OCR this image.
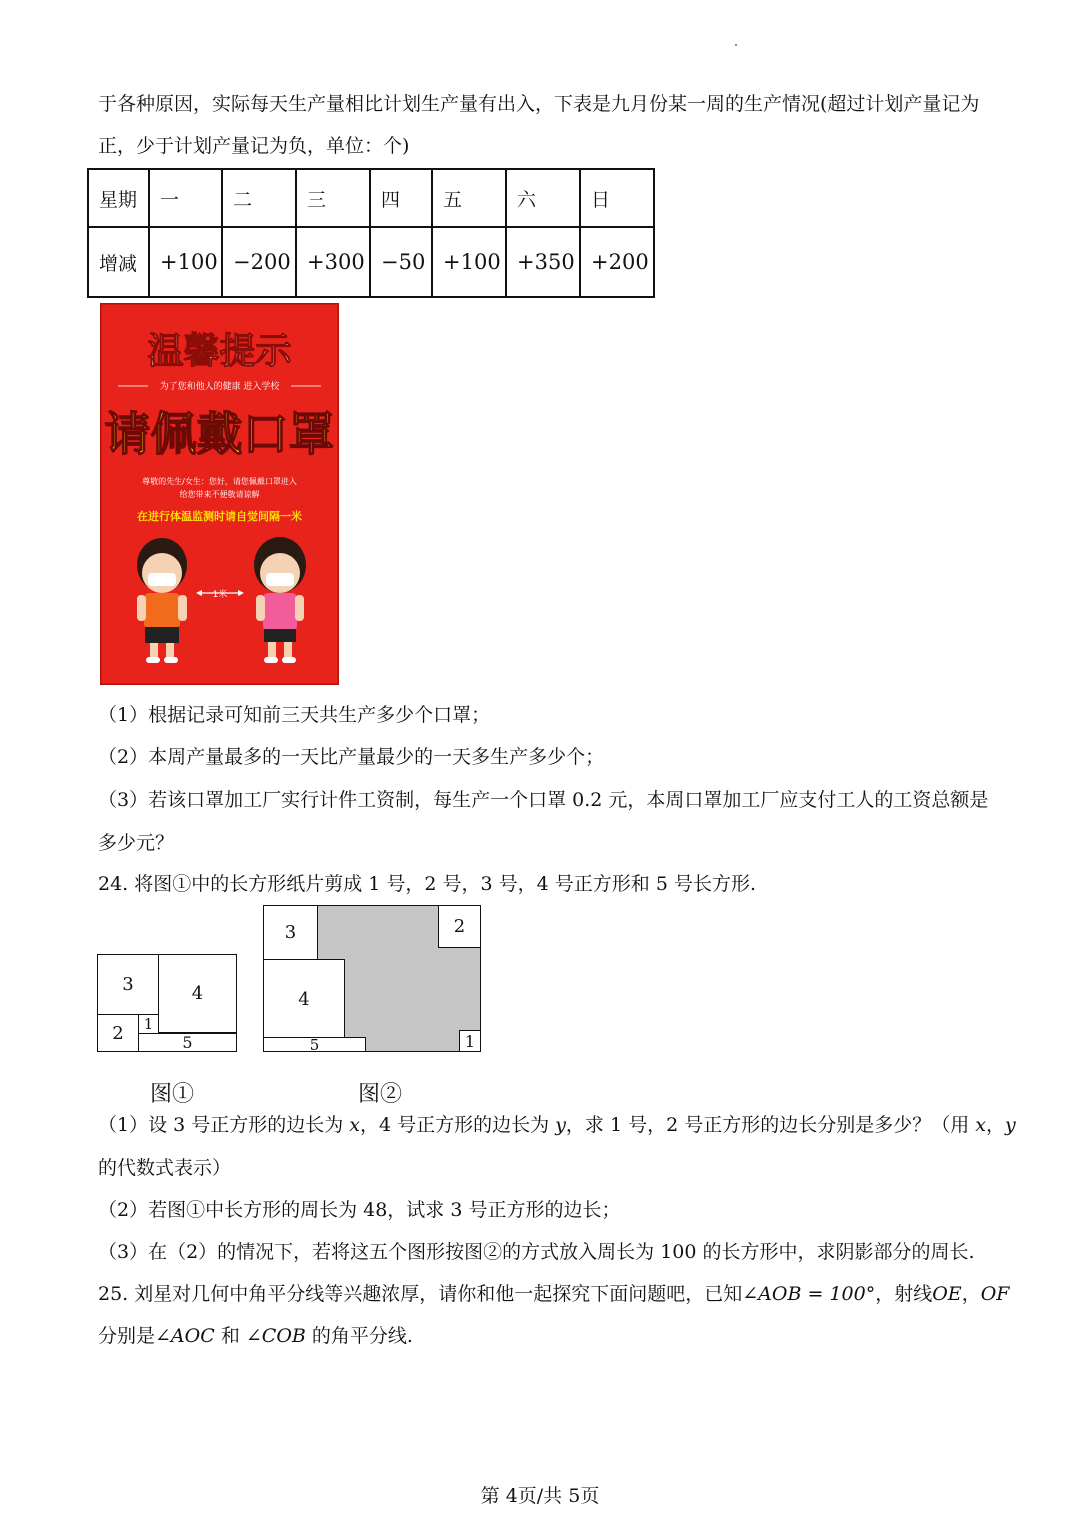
于各种原因，实际每天生产量相比计划生产量有出入，下表是九月份某一周的生产情况(超过计划产量记为
正，少于计划产量记为负，单位：个)
星期	一	二	三	四	五	六	日
增减	+100	−200	+300	−50	+100	+350	+200
温馨提示
为了您和他人的健康 进入学校
请佩戴口罩
尊敬的先生/女生：您好，请您佩戴口罩进入
给您带来不便敬请谅解
在进行体温监测时请自觉间隔一米
1米
（1）根据记录可知前三天共生产多少个口罩；
（2）本周产量最多的一天比产量最少的一天多生产多少个；
（3）若该口罩加工厂实行计件工资制，每生产一个口罩 0.2 元，本周口罩加工厂应支付工人的工资总额是
多少元？
24. 将图①中的长方形纸片剪成 1 号，2 号，3 号，4 号正方形和 5 号长方形.
3	4
2 1
5
3	2
4
5	1
图①	图②
（1）设 3 号正方形的边长为 x，4 号正方形的边长为 y，求 1 号，2 号正方形的边长分别是多少？（用 x，y
的代数式表示）
（2）若图①中长方形的周长为 48，试求 3 号正方形的边长；
（3）在（2）的情况下，若将这五个图形按图②的方式放入周长为 100 的长方形中，求阴影部分的周长.
25. 刘星对几何中角平分线等兴趣浓厚，请你和他一起探究下面问题吧，已知∠AOB = 100°，射线OE，OF
分别是∠AOC 和 ∠COB 的角平分线.
第 4页/共 5页
